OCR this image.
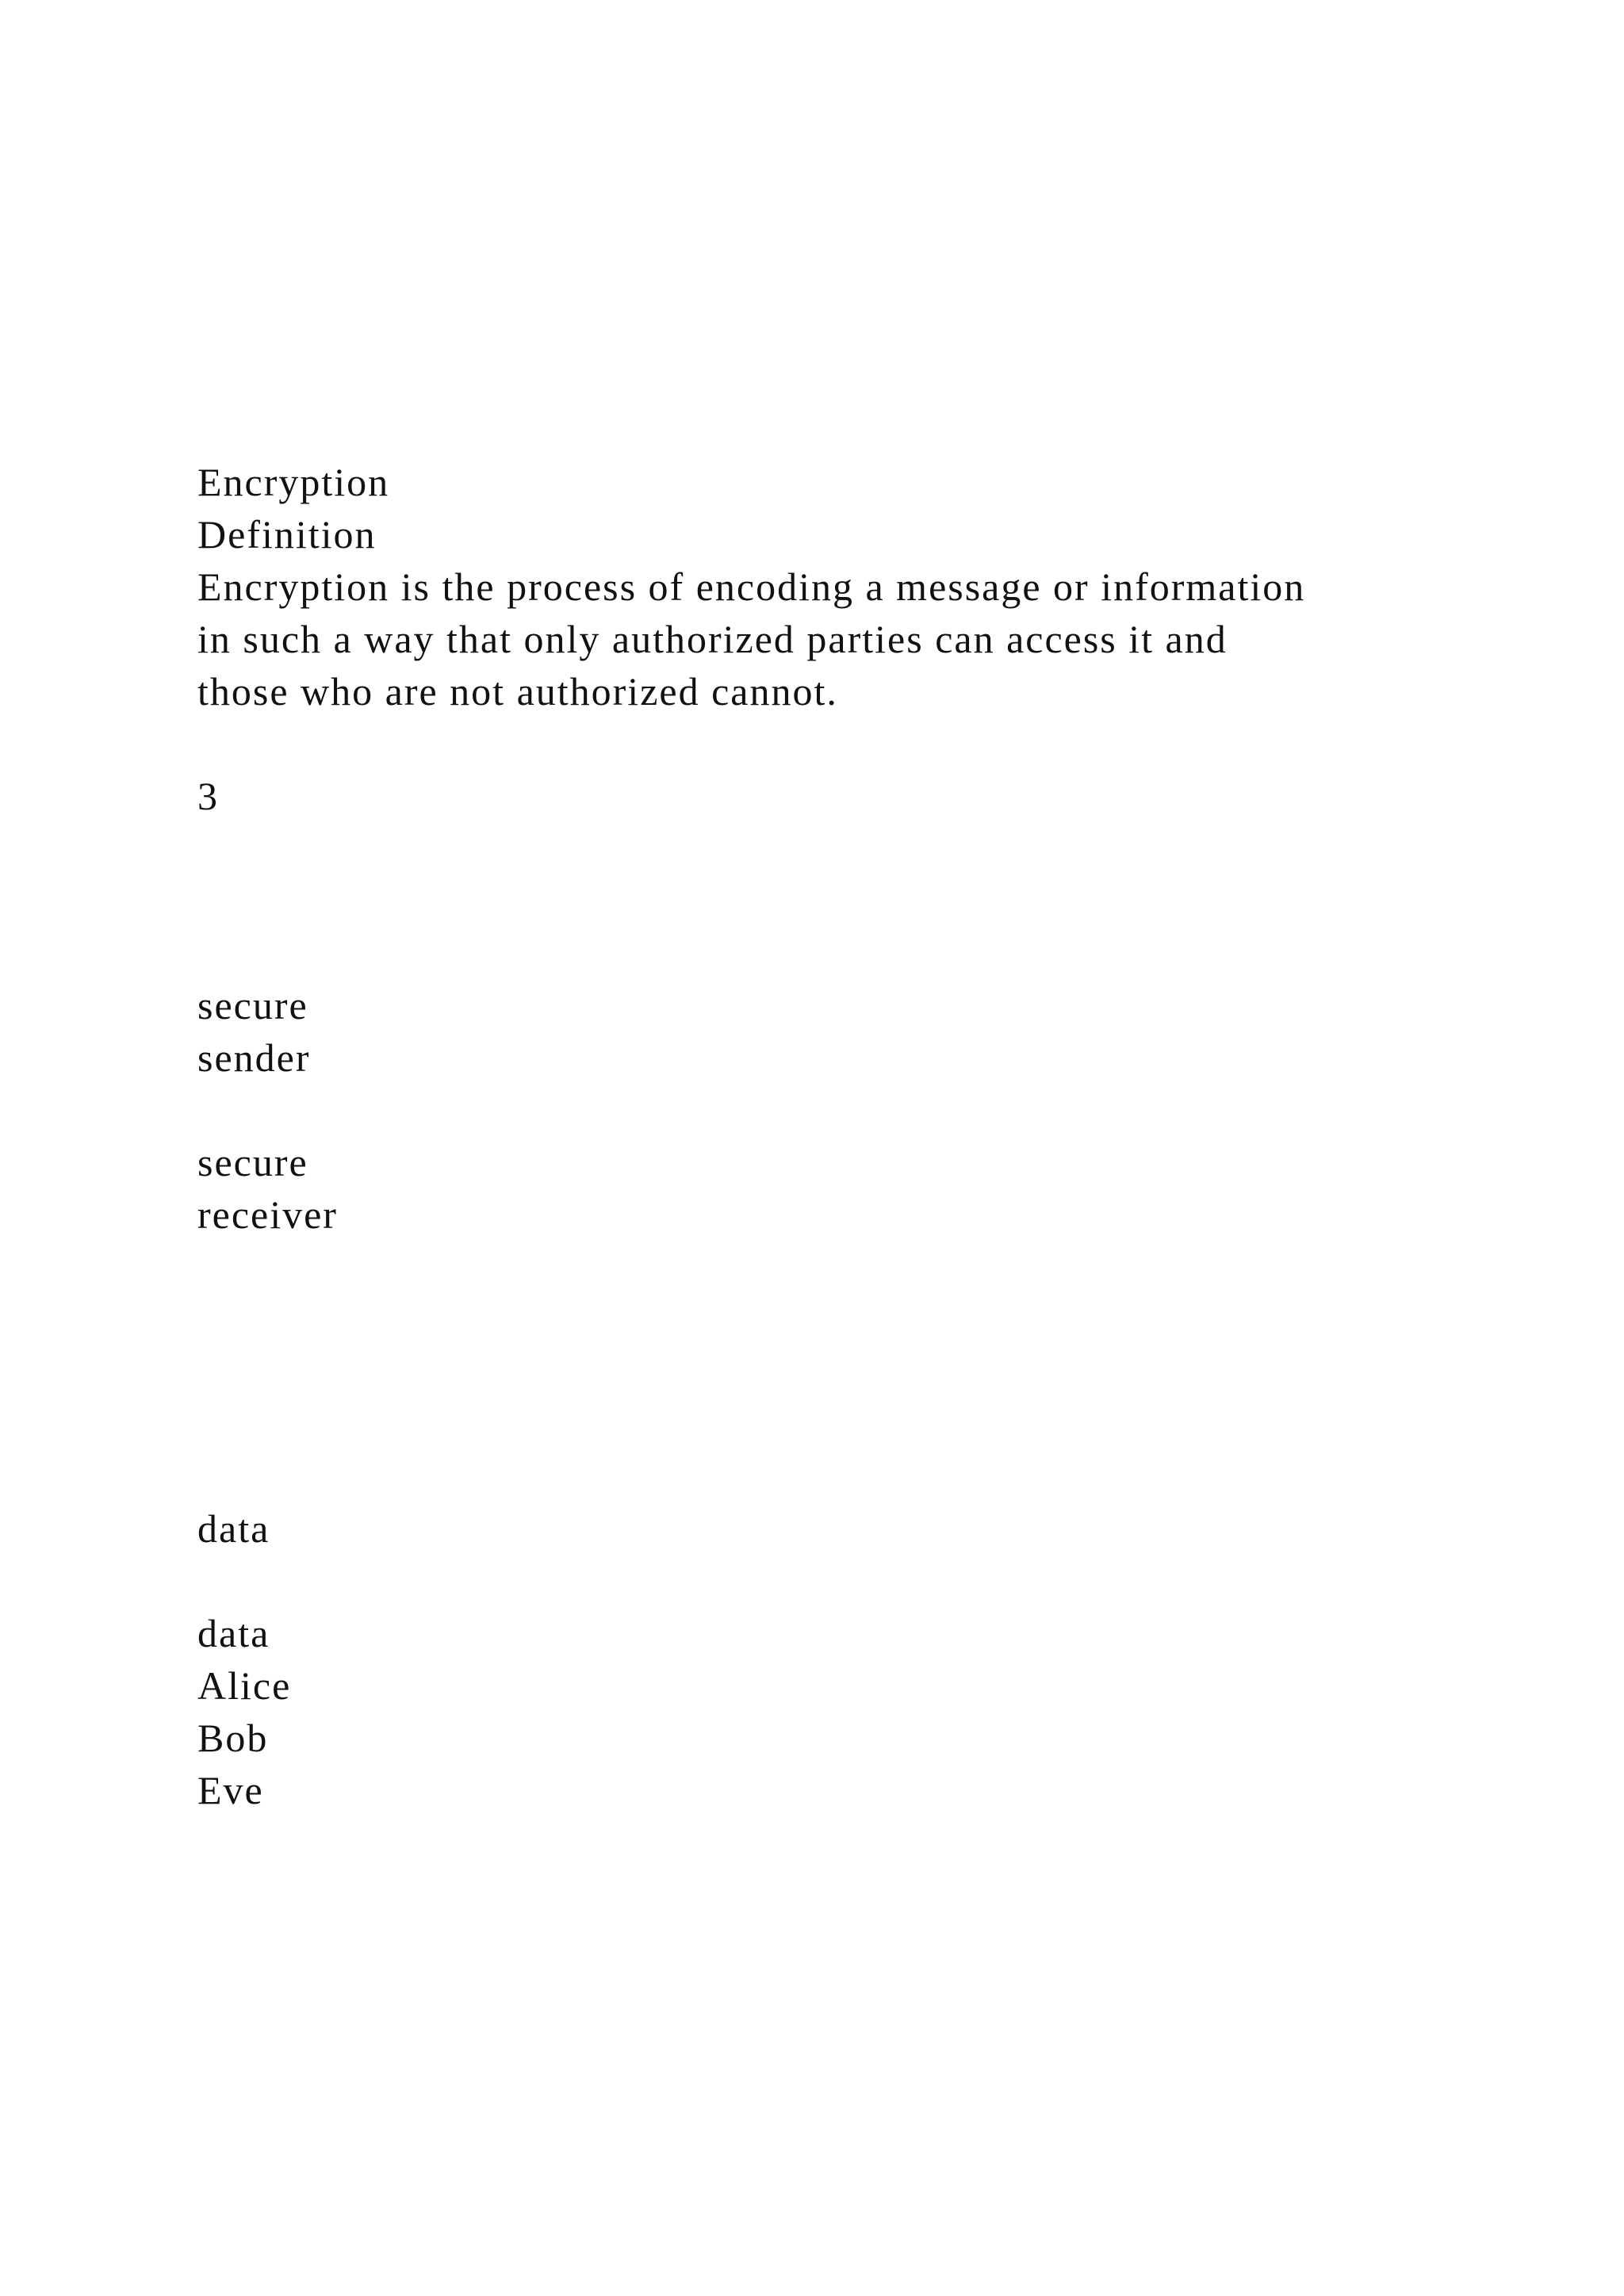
Encryption
Definition
Encryption is the process of encoding a message or information
in such a way that only authorized parties can access it and
those who are not authorized cannot.
3
secure
sender
secure
receiver
data
data
Alice
Bob
Eve
